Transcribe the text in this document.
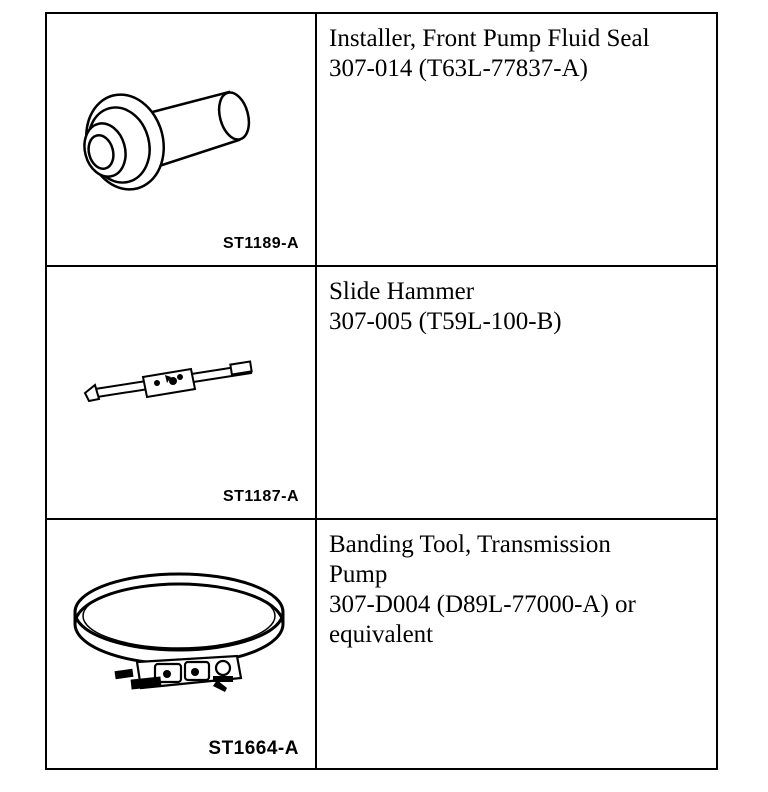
ST1189-A
Installer, Front Pump Fluid Seal
307-014 (T63L-77837-A)
ST1187-A
Slide Hammer
307-005 (T59L-100-B)
ST1664-A
Banding Tool, Transmission
Pump
307-D004 (D89L-77000-A) or
equivalent
